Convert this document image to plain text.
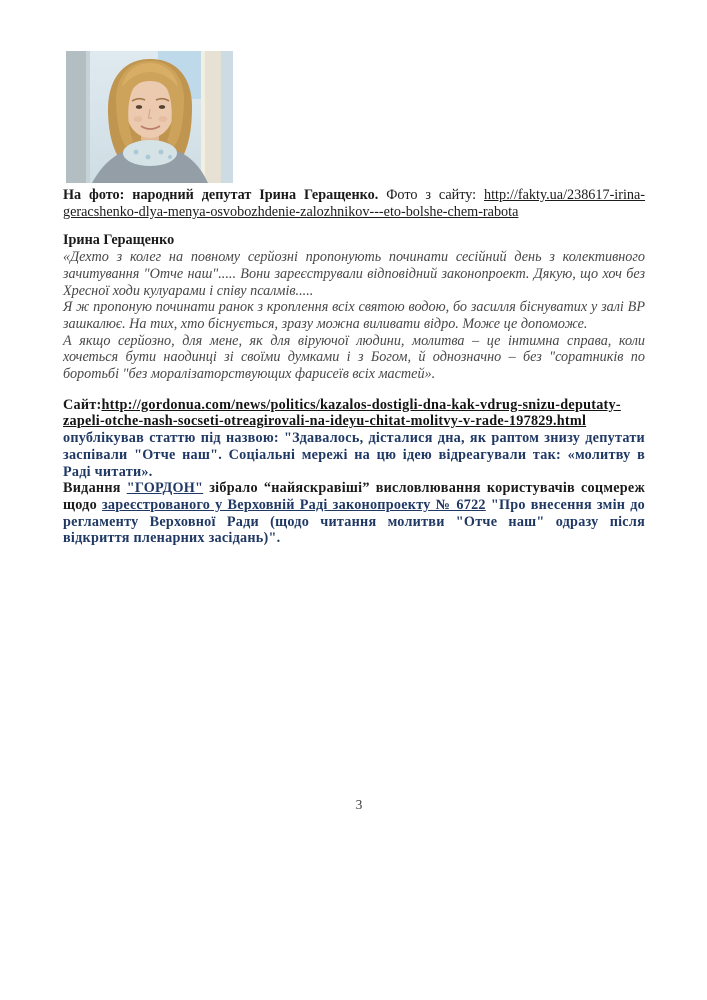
На фото: народний депутат Ірина Геращенко. Фото з сайту: http://fakty.ua/238617-irina-geracshenko-dlya-menya-osvobozhdenie-zalozhnikov---eto-bolshe-chem-rabota

Ірина Геращенко

«Дехто з колег на повному серйозні пропонують починати сесійний день з колективного зачитування "Отче наш"..... Вони зареєстрували відповідний законопроект. Дякую, що хоч без Хресної ходи кулуарами і співу псалмів.....

Я ж пропоную починати ранок з кроплення всіх святою водою, бо засилля біснуватих у залі ВР зашкалює. На тих, хто біснується, зразу можна виливати відро. Може це допоможе.

А якщо серйозно, для мене, як для віруючої людини, молитва – це інтимна справа, коли хочеться бути наодинці зі своїми думками і з Богом, й однозначно – без "соратників по боротьбі "без моралізаторствующих фарисеїв всіх мастей».

Сайт:http://gordonua.com/news/politics/kazalos-dostigli-dna-kak-vdrug-snizu-deputaty-zapeli-otche-nash-socseti-otreagirovali-na-ideyu-chitat-molitvy-v-rade-197829.html опублікував статтю під назвою: "Здавалось, дісталися дна, як раптом знизу депутати заспівали "Отче наш". Соціальні мережі на цю ідею відреагували так: «молитву в Раді читати».

Видання "ГОРДОН" зібрало “найяскравіші” висловлювання користувачів соцмереж щодо зареєстрованого у Верховній Раді законопроекту № 6722 "Про внесення змін до регламенту Верховної Ради (щодо читання молитви "Отче наш" одразу після відкриття пленарних засідань)".

3
